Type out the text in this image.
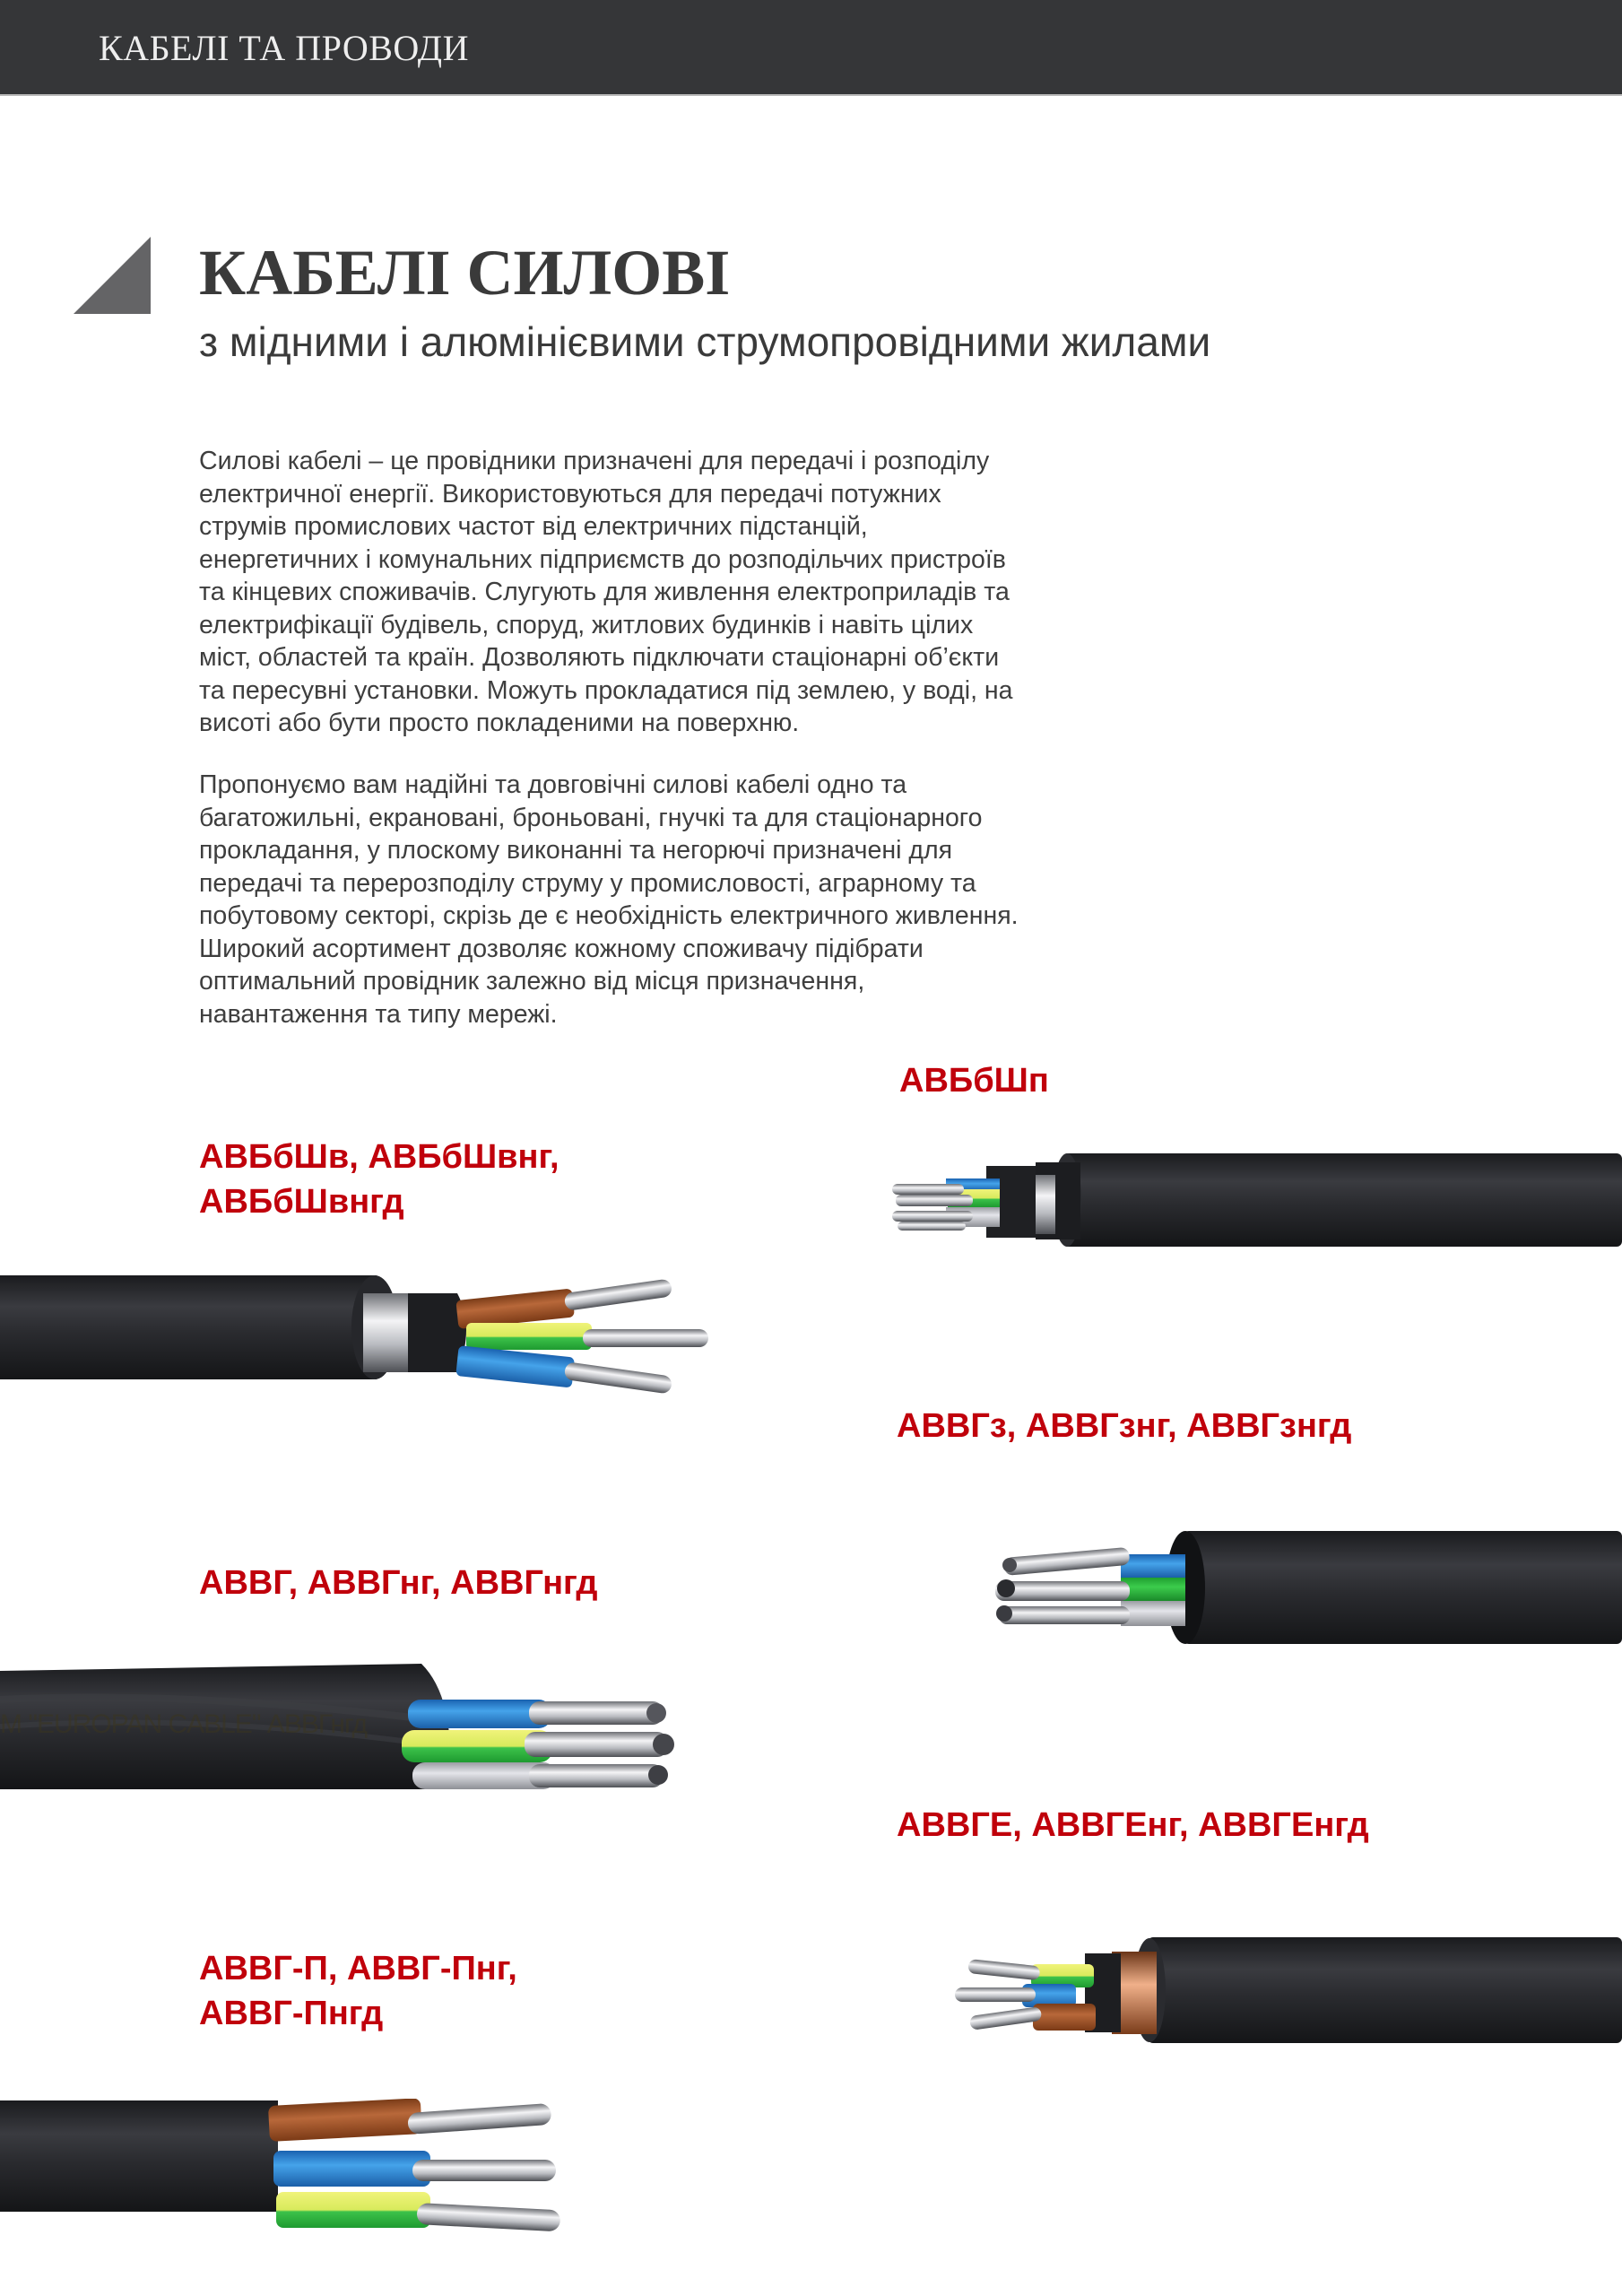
КАБЕЛІ ТА ПРОВОДИ
КАБЕЛІ СИЛОВІ
з мідними і алюмінієвими струмопровідними жилами
Силові кабелі – це провідники призначені для передачі і розподілу
електричної енергії. Використовуються для передачі потужних
струмів промислових частот від електричних підстанцій,
енергетичних і комунальних підприємств до розподільчих пристроїв
та кінцевих споживачів. Слугують для живлення електроприладів та
електрифікації будівель, споруд, житлових будинків і навіть цілих
міст, областей та країн. Дозволяють підключати стаціонарні об’єкти
та пересувні установки. Можуть прокладатися під землею, у воді, на
висоті або бути просто покладеними на поверхню.
Пропонуємо вам надійні та довговічні силові кабелі одно та
багатожильні, екрановані, броньовані, гнучкі та для стаціонарного
прокладання, у плоскому виконанні та негорючі призначені для
передачі та перерозподілу струму у промисловості, аграрному та
побутовому секторі, скрізь де є необхідність електричного живлення.
Широкий асортимент дозволяє кожному споживачу підібрати
оптимальний провідник залежно від місця призначення,
навантаження та типу мережі.
АВБбШп
АВБбШв, АВБбШвнг,
АВБбШвнгд
АВВГз, АВВГзнг, АВВГзнгд
АВВГ, АВВГнг, АВВГнгд
М "EUROPAN CABLE" АВВГнгд
АВВГЕ, АВВГЕнг, АВВГЕнгд
АВВГ-П, АВВГ-Пнг,
АВВГ-Пнгд
